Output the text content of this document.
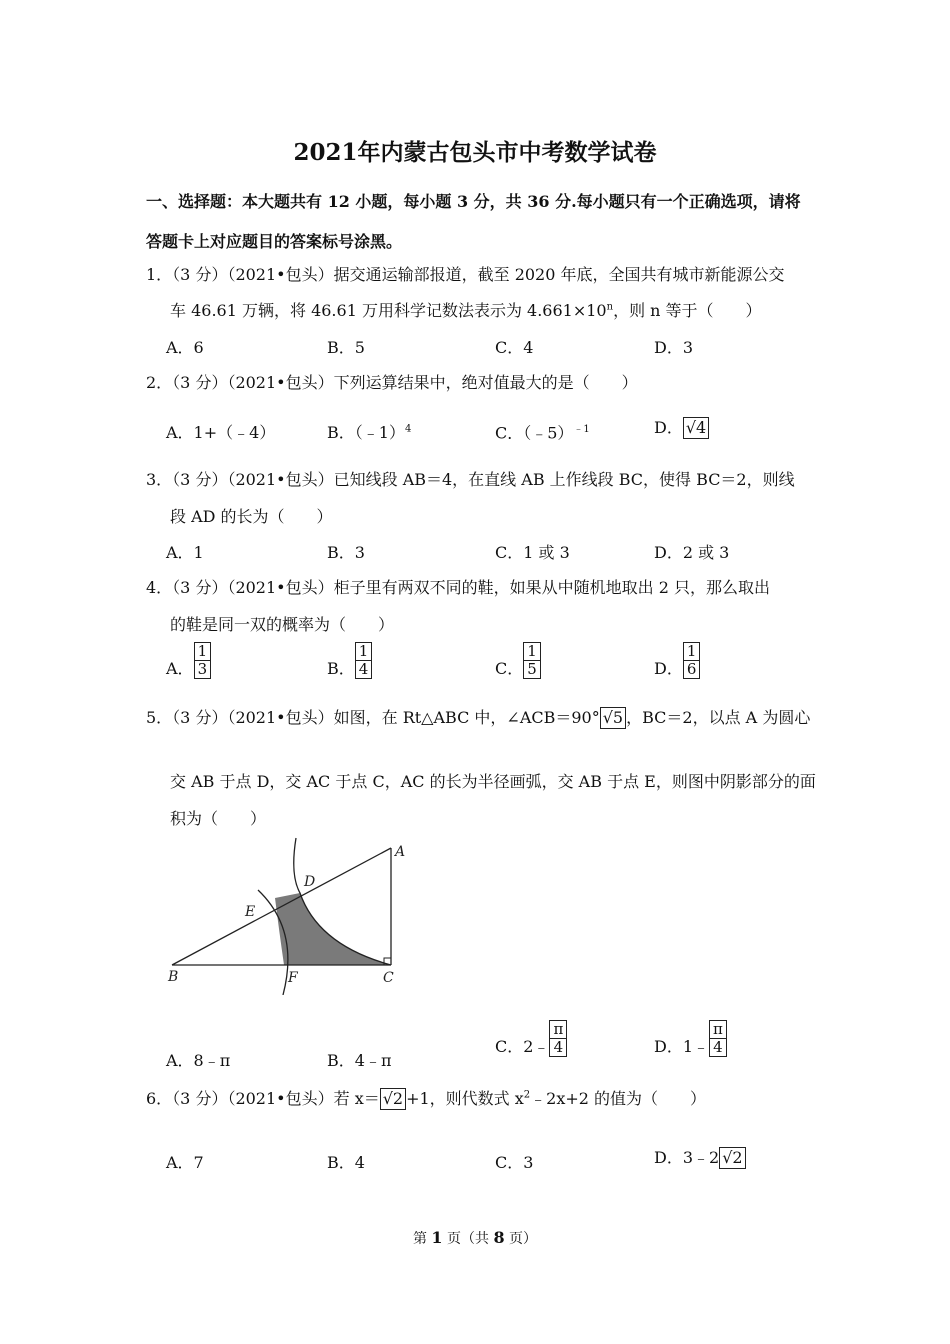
2021年内蒙古包头市中考数学试卷
一、选择题：本大题共有 12 小题，每小题 3 分，共 36 分.每小题只有一个正确选项，请将
答题卡上对应题目的答案标号涂黑。
1．（3 分）（2021•包头）据交通运输部报道，截至 2020 年底，全国共有城市新能源公交
车 46.61 万辆，将 46.61 万用科学记数法表示为 $4.661\times 10^n$，则 n 等于（　　）
A．6	B．5	C．4	D．3
2．（3 分）（2021•包头）下列运算结果中，绝对值最大的是（　　）
A．1+（﹣4）	B．（﹣1）$^4$	C．（﹣5）$^{﹣1}$	D． √4
3．（3 分）（2021•包头）已知线段 AB＝4，在直线 AB 上作线段 BC，使得 BC＝2，则线
段 AD 的长为（　　）
A．1	B．3	C．1 或 3	D．2 或 3
4．（3 分）（2021•包头）柜子里有两双不同的鞋，如果从中随机地取出 2 只，那么取出
的鞋是同一双的概率为（　　）
A． $\frac{1}{3}$	B． $\frac{1}{4}$	C． $\frac{1}{5}$	D． $\frac{1}{6}$
5．（3 分）（2021•包头）如图，在 Rt△ABC 中，∠ACB＝90° √5 ，BC＝2，以点 A 为圆心
交 AB 于点 D，交 AC 于点 C，AC 的长为半径画弧，交 AB 于点 E，则图中阴影部分的面
积为（　　）
A
B	C
D
E
F
A．8﹣π	B．4﹣π
C．2﹣ $\frac{\pi}{4}$	D．1﹣ $\frac{\pi}{4}$
6．（3 分）（2021•包头）若 x＝ √2 +1，则代数式 $x^2﹣2x+2$ 的值为（　　）
A．7	B．4	C．3	D．3﹣2 √2
第 1 页（共 8 页）
